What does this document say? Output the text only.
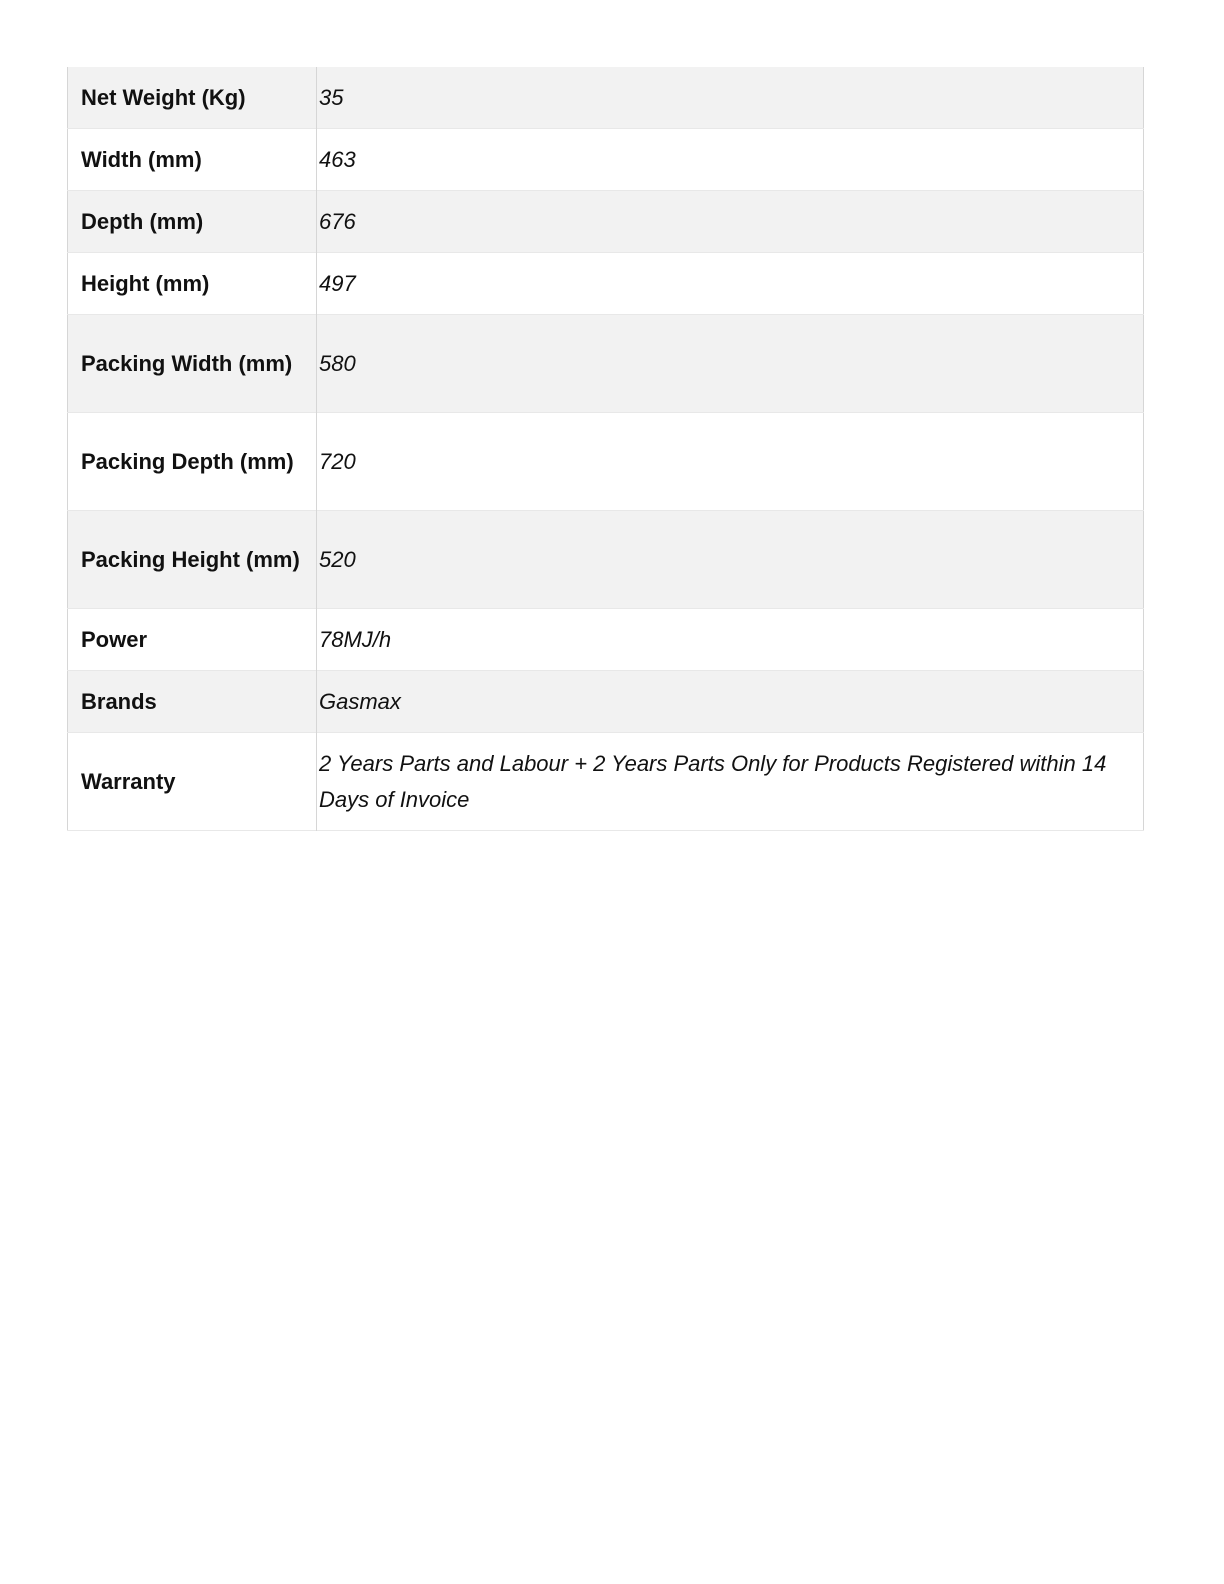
Net Weight (Kg)	35
Width (mm)	463
Depth (mm)	676
Height (mm)	497
Packing Width (mm)	580
Packing Depth (mm)	720
Packing Height (mm)	520
Power	78MJ/h
Brands	Gasmax
Warranty	2 Years Parts and Labour + 2 Years Parts Only for Products Registered within 14 Days of Invoice
